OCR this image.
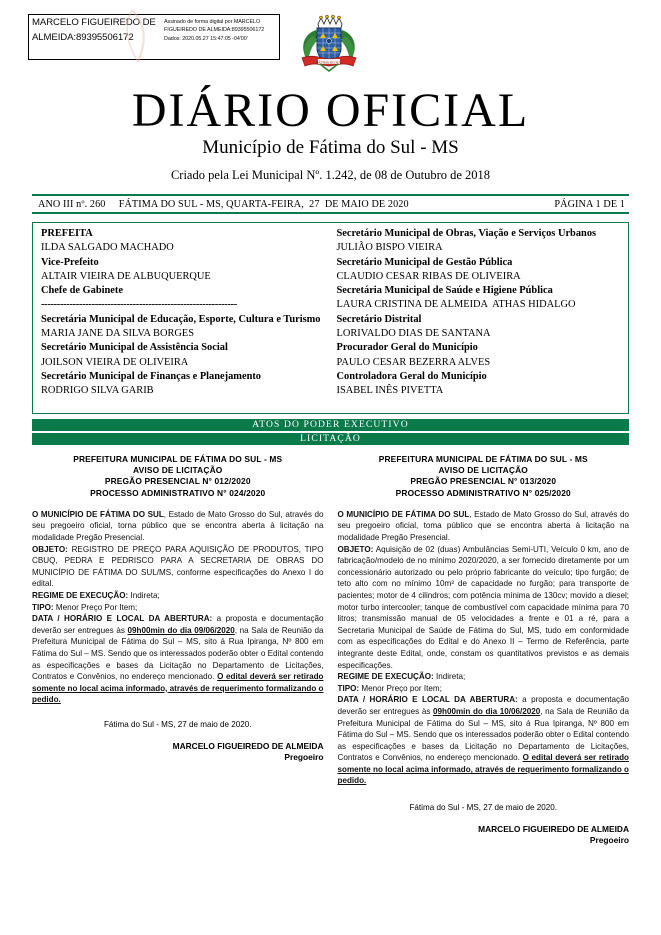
MARCELO FIGUEIREDO DE ALMEIDA:89395506172
Assinado de forma digital por MARCELO FIGUEIREDO DE ALMEIDA:89395506172 Dados: 2020.05.27 15:47:05 -04'00'
FÁTIMA DO SUL
DIÁRIO OFICIAL
Município de Fátima do Sul - MS
Criado pela Lei Municipal Nº. 1.242, de 08 de Outubro de 2018
ANO III nº. 260     FÁTIMA DO SUL - MS, QUARTA-FEIRA,  27  DE MAIO DE 2020	PÁGINA 1 DE 1
PREFEITA
ILDA SALGADO MACHADO
Vice-Prefeito
ALTAIR VIEIRA DE ALBUQUERQUE
Chefe de Gabinete
--------------------------------------------------------------
Secretária Municipal de Educação, Esporte, Cultura e Turismo
MARIA JANE DA SILVA BORGES
Secretário Municipal de Assistência Social
JOILSON VIEIRA DE OLIVEIRA
Secretário Municipal de Finanças e Planejamento
RODRIGO SILVA GARIB
Secretário Municipal de Obras, Viação e Serviços Urbanos
JULIÃO BISPO VIEIRA
Secretário Municipal de Gestão Pública
CLAUDIO CESAR RIBAS DE OLIVEIRA
Secretária Municipal de Saúde e Higiene Pública
LAURA CRISTINA DE ALMEIDA  ATHAS HIDALGO
Secretário Distrital
LORIVALDO DIAS DE SANTANA
Procurador Geral do Município
PAULO CESAR BEZERRA ALVES
Controladora Geral do Município
ISABEL INÊS PIVETTA
ATOS DO PODER EXECUTIVO
LICITAÇÃO
PREFEITURA MUNICIPAL DE FÁTIMA DO SUL - MS
AVISO DE LICITAÇÃO
PREGÃO PRESENCIAL N° 012/2020
PROCESSO ADMINISTRATIVO N° 024/2020

O MUNICÍPIO DE FÁTIMA DO SUL, Estado de Mato Grosso do Sul, através do seu pregoeiro oficial, torna público que se encontra aberta à licitação na modalidade Pregão Presencial.

OBJETO: REGISTRO DE PREÇO PARA AQUISIÇÃO DE PRODUTOS, TIPO CBUQ, PEDRA E PEDRISCO PARA A SECRETARIA DE OBRAS DO MUNICÍPIO DE FÁTIMA DO SUL/MS, conforme especificações do Anexo I do edital.

REGIME DE EXECUÇÃO: Indireta;

TIPO: Menor Preço Por Item;

DATA / HORÁRIO E LOCAL DA ABERTURA: a proposta e documentação deverão ser entregues às 09h00min do dia 09/06/2020, na Sala de Reunião da Prefeitura Municipal de Fátima do Sul – MS, sito á Rua Ipiranga, Nº 800 em Fátima do Sul – MS. Sendo que os interessados poderão obter o Edital contendo as especificações e bases da Licitação no Departamento de Licitações, Contratos e Convênios, no endereço mencionado. O edital deverá ser retirado somente no local acima informado, através de requerimento formalizando o pedido.

Fátima do Sul - MS, 27 de maio de 2020.
MARCELO FIGUEIREDO DE ALMEIDA
Pregoeiro
PREFEITURA MUNICIPAL DE FÁTIMA DO SUL - MS
AVISO DE LICITAÇÃO
PREGÃO PRESENCIAL N° 013/2020
PROCESSO ADMINISTRATIVO N° 025/2020

O MUNICÍPIO DE FÁTIMA DO SUL, Estado de Mato Grosso do Sul, através do seu pregoeiro oficial, toma público que se encontra aberta à licitação na modalidade Pregão Presencial.

OBJETO: Aquisição de 02 (duas) Ambulâncias Semi-UTI, Veículo 0 km, ano de fabricação/modelo de no mínimo 2020/2020, a ser fornecido diretamente por um concessionário autorizado ou pelo próprio fabricante do veículo; tipo furgão; de teto alto com no mínimo 10m³ de capacidade no furgão; para transporte de pacientes; motor de 4 cilindros; com potência mínima de 130cv; movido a diesel; motor turbo intercooler; tanque de combustível com capacidade mínima para 70 litros; transmissão manual de 05 velocidades a frente e 01 a ré, para a Secretaria Municipal de Saúde de Fátima do Sul, MS, tudo em conformidade com as especificações do Edital e do Anexo II – Termo de Referência, parte integrante deste Edital, onde, constam os quantitativos previstos e as demais especificações.

REGIME DE EXECUÇÃO: Indireta;

TIPO: Menor Preço por Item;

DATA / HORÁRIO E LOCAL DA ABERTURA: a proposta e documentação deverão ser entregues às 09h00min do dia 10/06/2020, na Sala de Reunião da Prefeitura Municipal de Fátima do Sul – MS, sito á Rua Ipiranga, Nº 800 em Fátima do Sul – MS. Sendo que os interessados poderão obter o Edital contendo as especificações e bases da Licitação no Departamento de Licitações, Contratos e Convênios, no endereço mencionado. O edital deverá ser retirado somente no local acima informado, através de requerimento formalizando o pedido.

Fátima do Sul - MS, 27 de maio de 2020.
MARCELO FIGUEIREDO DE ALMEIDA
Pregoeiro
